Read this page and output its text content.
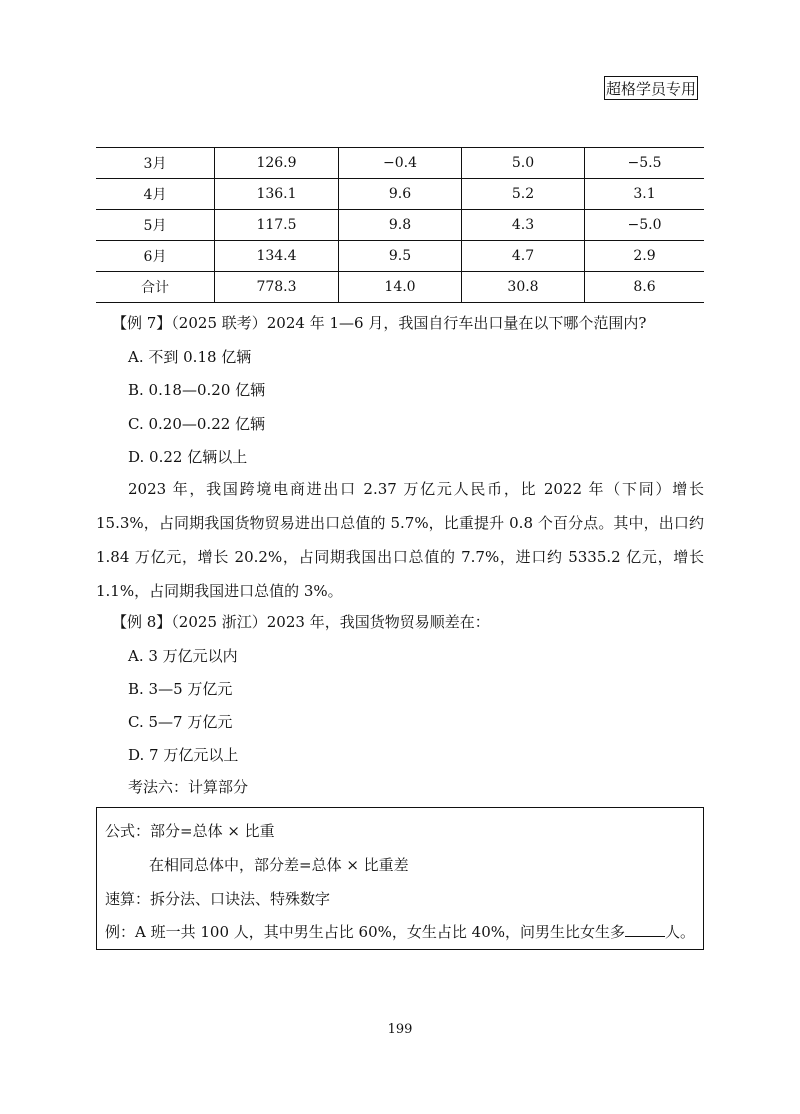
超格学员专用
3月	126.9	−0.4	5.0	−5.5
4月	136.1	9.6	5.2	3.1
5月	117.5	9.8	4.3	−5.0
6月	134.4	9.5	4.7	2.9
合计	778.3	14.0	30.8	8.6
【例 7】（2025 联考）2024 年 1—6 月，我国自行车出口量在以下哪个范围内?
A. 不到 0.18 亿辆
B. 0.18—0.20 亿辆
C. 0.20—0.22 亿辆
D. 0.22 亿辆以上
2023 年，我国跨境电商进出口 2.37 万亿元人民币，比 2022 年（下同）增长 15.3%，占同期我国货物贸易进出口总值的 5.7%，比重提升 0.8 个百分点。其中，出口约 1.84 万亿元，增长 20.2%，占同期我国出口总值的 7.7%，进口约 5335.2 亿元，增长 1.1%，占同期我国进口总值的 3%。
【例 8】（2025 浙江）2023 年，我国货物贸易顺差在：
A. 3 万亿元以内
B. 3—5 万亿元
C. 5—7 万亿元
D. 7 万亿元以上
考法六：计算部分
公式：部分=总体 × 比重
在相同总体中，部分差=总体 × 比重差
速算：拆分法、口诀法、特殊数字
例：A 班一共 100 人，其中男生占比 60%，女生占比 40%，问男生比女生多	人。
199
